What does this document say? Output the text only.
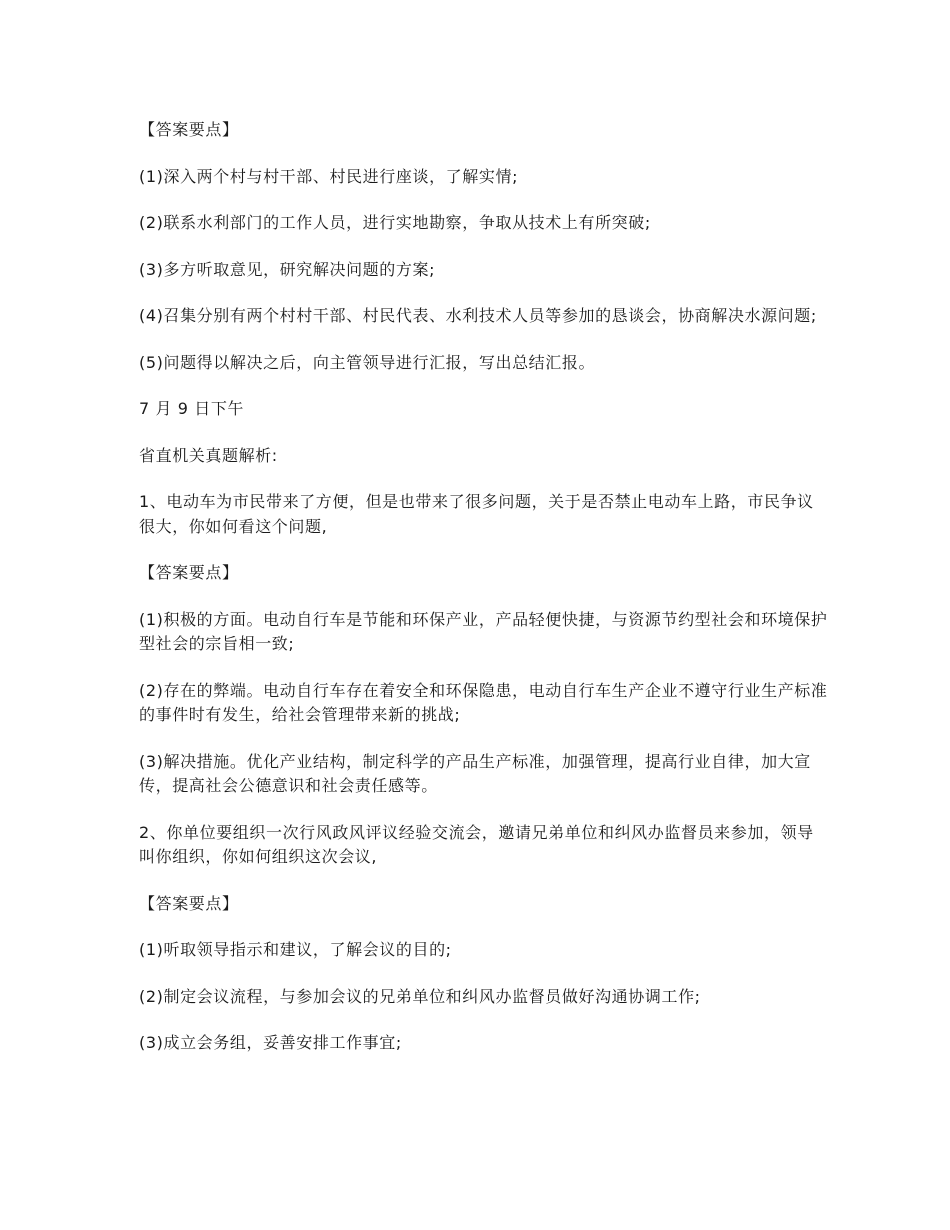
【答案要点】

(1)深入两个村与村干部、村民进行座谈，了解实情;

(2)联系水利部门的工作人员，进行实地勘察，争取从技术上有所突破;

(3)多方听取意见，研究解决问题的方案;

(4)召集分别有两个村村干部、村民代表、水利技术人员等参加的恳谈会，协商解决水源问题;

(5)问题得以解决之后，向主管领导进行汇报，写出总结汇报。

7 月 9 日下午

省直机关真题解析:

1、电动车为市民带来了方便，但是也带来了很多问题，关于是否禁止电动车上路，市民争议很大，你如何看这个问题,

【答案要点】

(1)积极的方面。电动自行车是节能和环保产业，产品轻便快捷，与资源节约型社会和环境保护型社会的宗旨相一致;

(2)存在的弊端。电动自行车存在着安全和环保隐患，电动自行车生产企业不遵守行业生产标准的事件时有发生，给社会管理带来新的挑战;

(3)解决措施。优化产业结构，制定科学的产品生产标准，加强管理，提高行业自律，加大宣传，提高社会公德意识和社会责任感等。

2、你单位要组织一次行风政风评议经验交流会，邀请兄弟单位和纠风办监督员来参加，领导叫你组织，你如何组织这次会议,

【答案要点】

(1)听取领导指示和建议，了解会议的目的;

(2)制定会议流程，与参加会议的兄弟单位和纠风办监督员做好沟通协调工作;

(3)成立会务组，妥善安排工作事宜;
